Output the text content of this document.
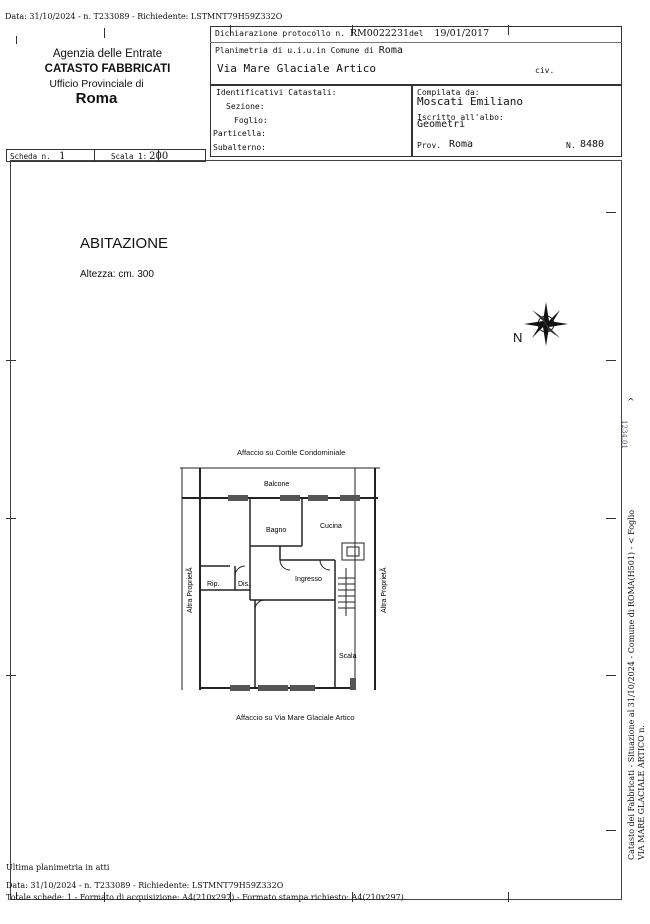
Data: 31/10/2024 - n. T233089 - Richiedente: LSTMNT79H59Z332O
Agenzia delle Entrate
CATASTO FABBRICATI
Ufficio Provinciale di
Roma
Dichiarazione protocollo n. RM0022231del 19/01/2017
Planimetria di u.i.u.in Comune di Roma
Via Mare Glaciale Artico	civ.
Identificativi Catastali:
Sezione:
Foglio:
Particella:
Subalterno:
Compilata da:
Moscati Emiliano
Iscritto all'albo:
Geometri
Prov. Roma	N. 8480
Scheda n. 1	Scala 1: 200
ABITAZIONE
Altezza: cm. 300
N
Affaccio su Cortile Condominiale
Affaccio su Via Mare Glaciale Artico
Balcone
Bagno
Cucina
Rip.	Dis.
Ingresso
Scala
Altra ProprietÃ	Altra ProprietÃ
^
1234.01
Catasto dei Fabbricati - Situazione al 31/10/2024 - Comune di ROMA(H501) - < Foglio VIA MARE GLACIALE ARTICO n.
Ultima planimetria in atti
Data: 31/10/2024 - n. T233089 - Richiedente: LSTMNT79H59Z332O
Totale schede: 1 - Formato di acquisizione: A4(210x297) - Formato stampa richiesto: A4(210x297)
